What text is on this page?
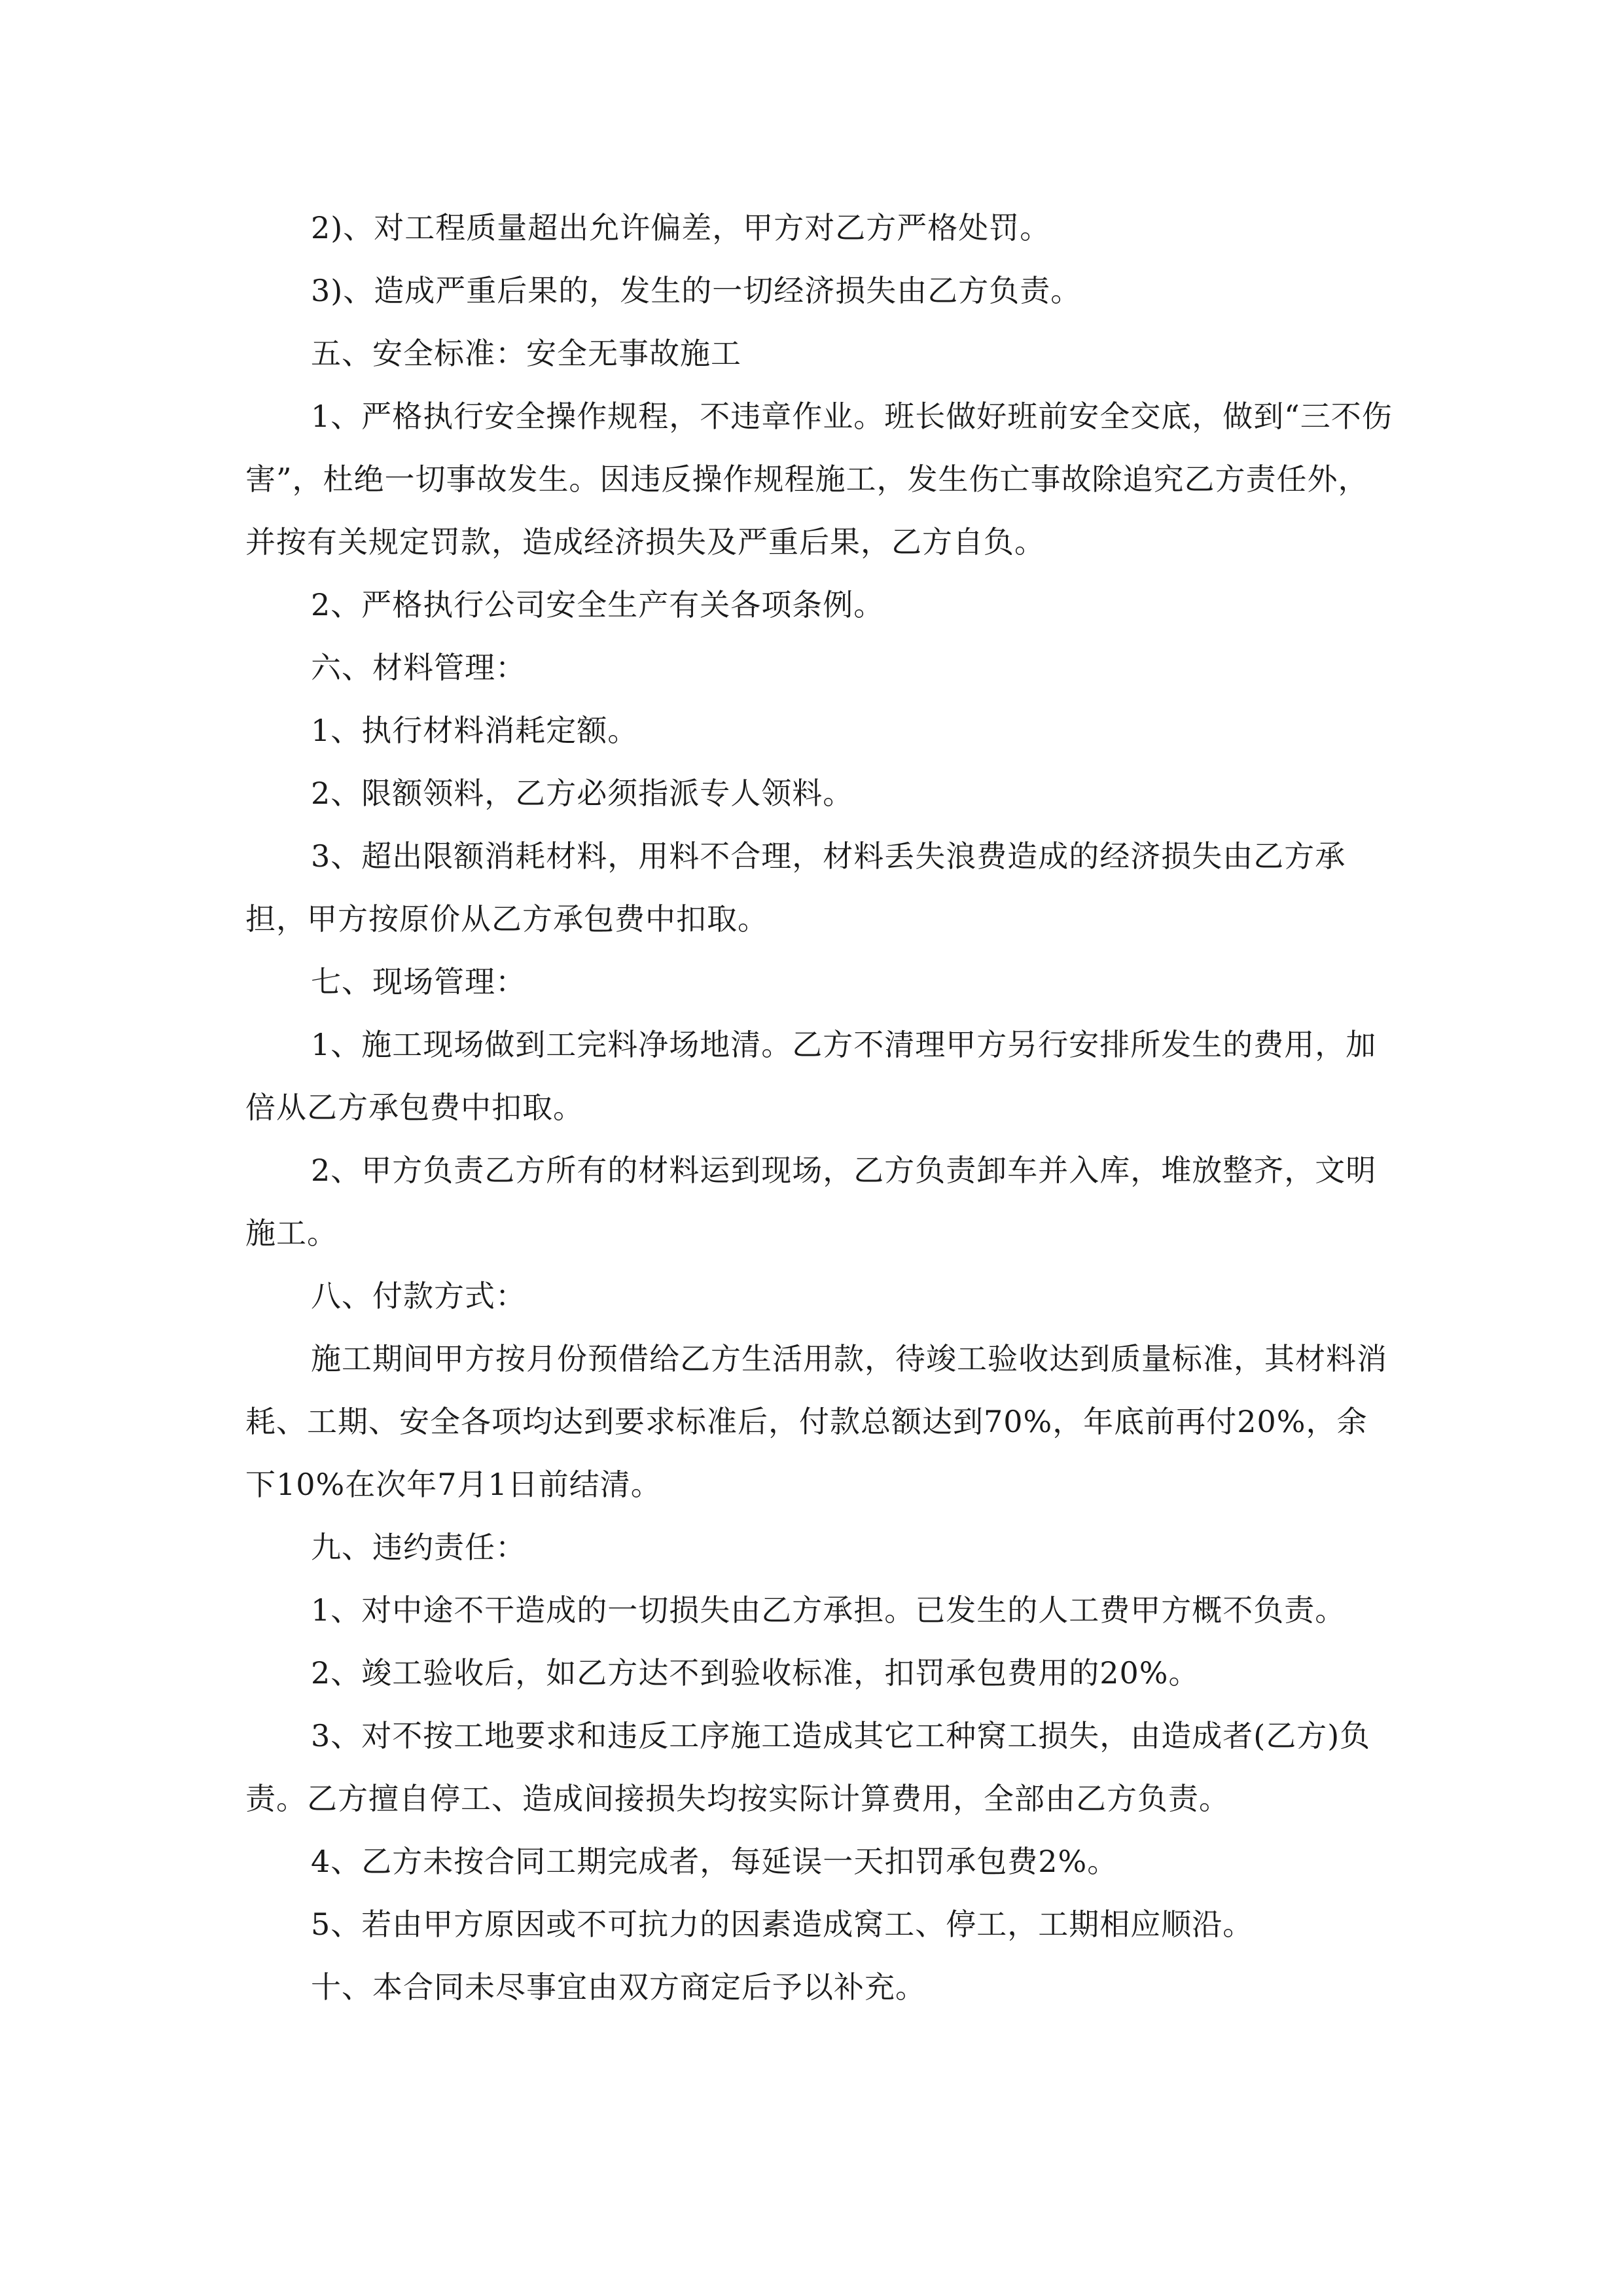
2)、对工程质量超出允许偏差，甲方对乙方严格处罚。

3)、造成严重后果的，发生的一切经济损失由乙方负责。

五、安全标准：安全无事故施工

1、严格执行安全操作规程，不违章作业。班长做好班前安全交底，做到“三不伤害”，杜绝一切事故发生。因违反操作规程施工，发生伤亡事故除追究乙方责任外，并按有关规定罚款，造成经济损失及严重后果，乙方自负。

2、严格执行公司安全生产有关各项条例。

六、材料管理：

1、执行材料消耗定额。

2、限额领料，乙方必须指派专人领料。

3、超出限额消耗材料，用料不合理，材料丢失浪费造成的经济损失由乙方承担，甲方按原价从乙方承包费中扣取。

七、现场管理：

1、施工现场做到工完料净场地清。乙方不清理甲方另行安排所发生的费用，加倍从乙方承包费中扣取。

2、甲方负责乙方所有的材料运到现场，乙方负责卸车并入库，堆放整齐，文明施工。

八、付款方式：

施工期间甲方按月份预借给乙方生活用款，待竣工验收达到质量标准，其材料消耗、工期、安全各项均达到要求标准后，付款总额达到70%，年底前再付20%，余下10%在次年7月1日前结清。

九、违约责任：

1、对中途不干造成的一切损失由乙方承担。已发生的人工费甲方概不负责。

2、竣工验收后，如乙方达不到验收标准，扣罚承包费用的20%。

3、对不按工地要求和违反工序施工造成其它工种窝工损失，由造成者(乙方)负责。乙方擅自停工、造成间接损失均按实际计算费用，全部由乙方负责。

4、乙方未按合同工期完成者，每延误一天扣罚承包费2%。

5、若由甲方原因或不可抗力的因素造成窝工、停工，工期相应顺沿。

十、本合同未尽事宜由双方商定后予以补充。
